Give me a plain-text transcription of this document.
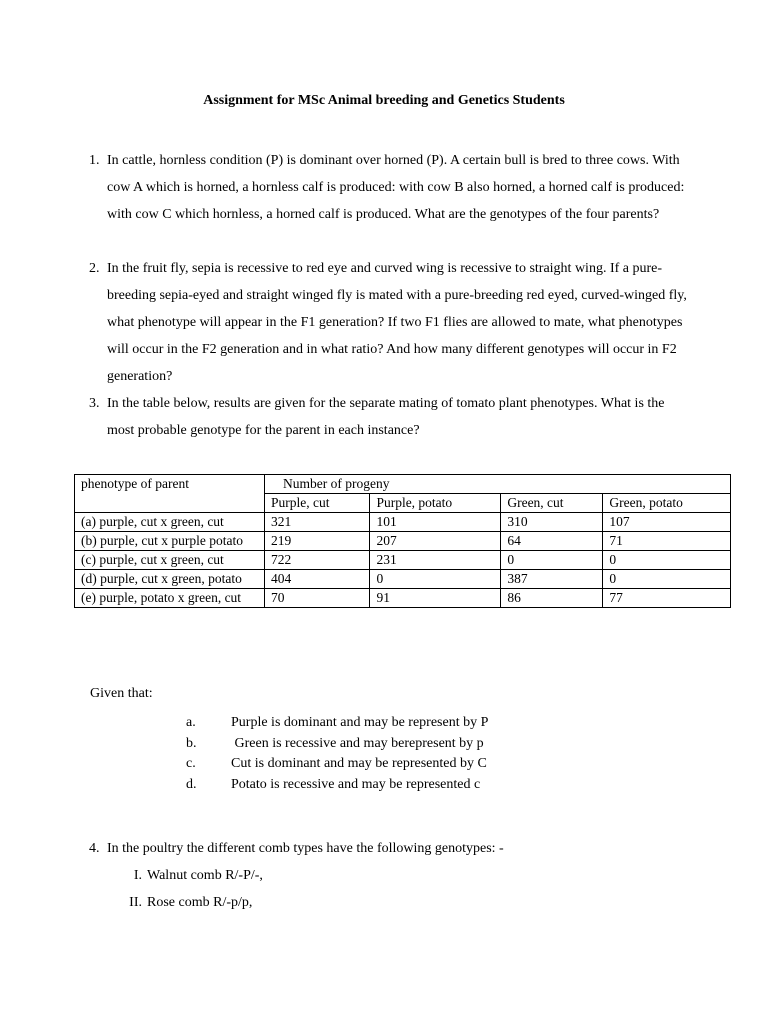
Assignment for MSc Animal breeding and Genetics Students
1. In cattle, hornless condition (P) is dominant over horned (P). A certain bull is bred to three cows. With cow A which is horned, a hornless calf is produced: with cow B also horned, a horned calf is produced: with cow C which hornless, a horned calf is produced. What are the genotypes of the four parents?
2. In the fruit fly, sepia is recessive to red eye and curved wing is recessive to straight wing. If a pure-breeding sepia-eyed and straight winged fly is mated with a pure-breeding red eyed, curved-winged fly, what phenotype will appear in the F1 generation? If two F1 flies are allowed to mate, what phenotypes will occur in the F2 generation and in what ratio? And how many different genotypes will occur in F2 generation?
3. In the table below, results are given for the separate mating of tomato plant phenotypes. What is the most probable genotype for the parent in each instance?
phenotype of parent	Number of progeny			
	Purple, cut	Purple, potato	Green, cut	Green, potato
(a) purple, cut x green, cut	321	101	310	107
(b) purple, cut x purple potato	219	207	64	71
(c) purple, cut x green, cut	722	231	0	0
(d) purple, cut x green, potato	404	0	387	0
(e) purple, potato x green, cut	70	91	86	77
Given that:
a.	Purple is dominant and may be represent by P
b.	Green is recessive and may berepresent by p
c.	Cut is dominant and may be represented by C
d.	Potato is recessive and may be represented c
4. In the poultry the different comb types have the following genotypes: -
I. Walnut comb R/-P/-,
II. Rose comb R/-p/p,
